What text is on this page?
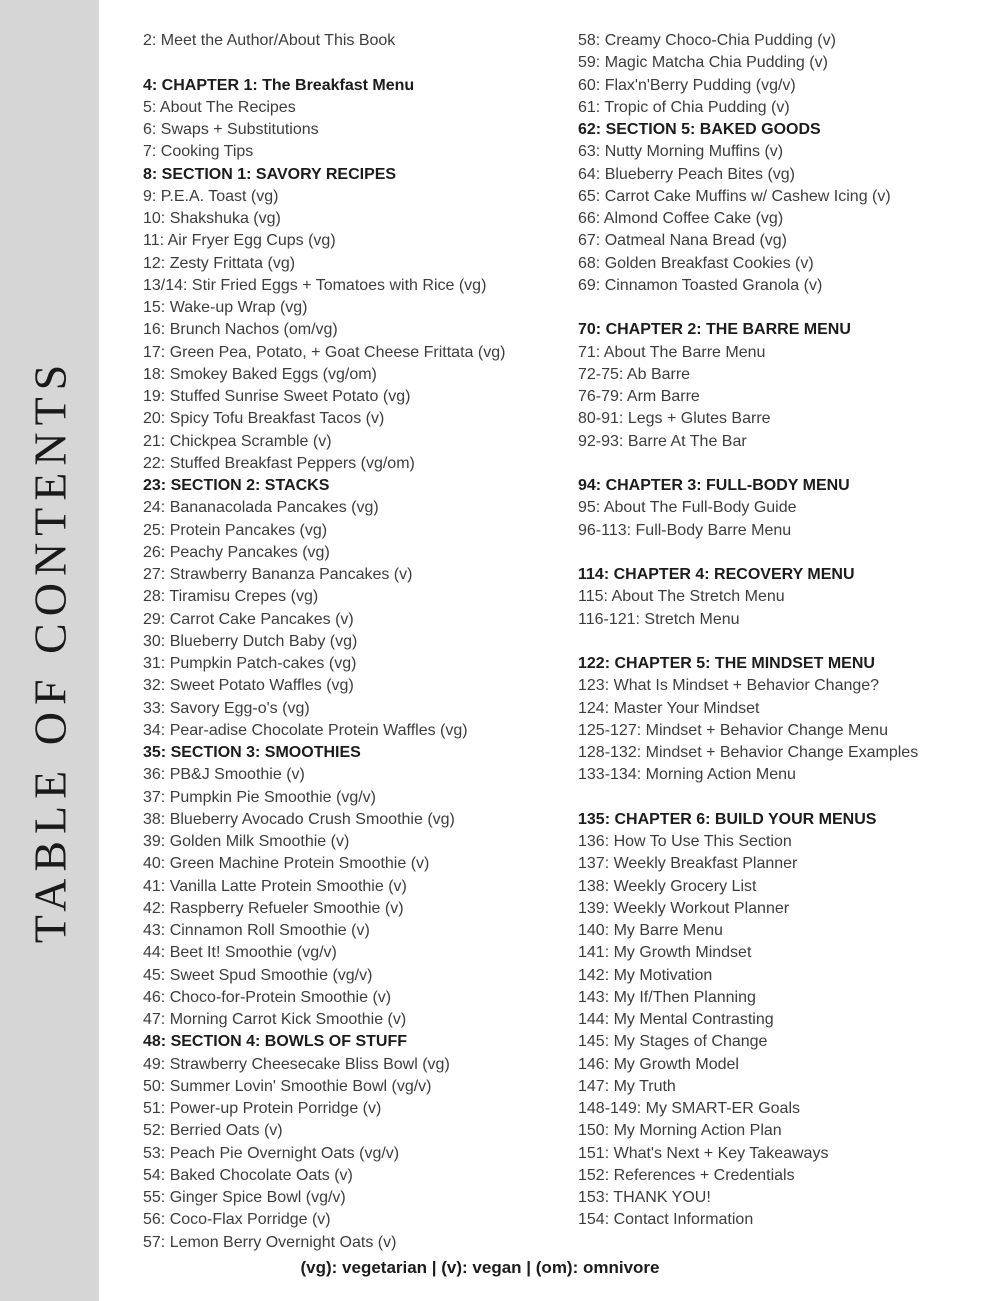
TABLE OF CONTENTS
2: Meet the Author/About This Book
4: CHAPTER 1: The Breakfast Menu
5: About The Recipes
6: Swaps + Substitutions
7: Cooking Tips
8: SECTION 1: SAVORY RECIPES
9: P.E.A. Toast (vg)
10: Shakshuka (vg)
11: Air Fryer Egg Cups (vg)
12: Zesty Frittata (vg)
13/14: Stir Fried Eggs + Tomatoes with Rice (vg)
15: Wake-up Wrap (vg)
16: Brunch Nachos (om/vg)
17: Green Pea, Potato, + Goat Cheese Frittata (vg)
18: Smokey Baked Eggs (vg/om)
19: Stuffed Sunrise Sweet Potato (vg)
20: Spicy Tofu Breakfast Tacos (v)
21: Chickpea Scramble (v)
22: Stuffed Breakfast Peppers (vg/om)
23: SECTION 2: STACKS
24: Bananacolada Pancakes (vg)
25: Protein Pancakes (vg)
26: Peachy Pancakes (vg)
27: Strawberry Bananza Pancakes (v)
28: Tiramisu Crepes (vg)
29: Carrot Cake Pancakes (v)
30: Blueberry Dutch Baby (vg)
31: Pumpkin Patch-cakes (vg)
32: Sweet Potato Waffles (vg)
33: Savory Egg-o's (vg)
34: Pear-adise Chocolate Protein Waffles (vg)
35: SECTION 3: SMOOTHIES
36: PB&J Smoothie (v)
37: Pumpkin Pie Smoothie (vg/v)
38: Blueberry Avocado Crush Smoothie (vg)
39: Golden Milk Smoothie (v)
40: Green Machine Protein Smoothie (v)
41: Vanilla Latte Protein Smoothie (v)
42: Raspberry Refueler Smoothie (v)
43: Cinnamon Roll Smoothie (v)
44: Beet It! Smoothie (vg/v)
45: Sweet Spud Smoothie (vg/v)
46: Choco-for-Protein Smoothie (v)
47: Morning Carrot Kick Smoothie (v)
48: SECTION 4: BOWLS OF STUFF
49: Strawberry Cheesecake Bliss Bowl (vg)
50: Summer Lovin' Smoothie Bowl (vg/v)
51: Power-up Protein Porridge (v)
52: Berried Oats (v)
53: Peach Pie Overnight Oats (vg/v)
54: Baked Chocolate Oats (v)
55: Ginger Spice Bowl (vg/v)
56: Coco-Flax Porridge (v)
57: Lemon Berry Overnight Oats (v)
58: Creamy Choco-Chia Pudding (v)
59: Magic Matcha Chia Pudding (v)
60: Flax'n'Berry Pudding (vg/v)
61: Tropic of Chia Pudding (v)
62: SECTION 5: BAKED GOODS
63: Nutty Morning Muffins (v)
64: Blueberry Peach Bites (vg)
65: Carrot Cake Muffins w/ Cashew Icing (v)
66: Almond Coffee Cake (vg)
67: Oatmeal Nana Bread (vg)
68: Golden Breakfast Cookies (v)
69: Cinnamon Toasted Granola (v)
70: CHAPTER 2: THE BARRE MENU
71: About The Barre Menu
72-75: Ab Barre
76-79: Arm Barre
80-91: Legs + Glutes Barre
92-93: Barre At The Bar
94: CHAPTER 3: FULL-BODY MENU
95: About The Full-Body Guide
96-113: Full-Body Barre Menu
114: CHAPTER 4: RECOVERY MENU
115: About The Stretch Menu
116-121: Stretch Menu
122: CHAPTER 5: THE MINDSET MENU
123: What Is Mindset + Behavior Change?
124: Master Your Mindset
125-127: Mindset + Behavior Change Menu
128-132: Mindset + Behavior Change Examples
133-134: Morning Action Menu
135: CHAPTER 6: BUILD YOUR MENUS
136: How To Use This Section
137: Weekly Breakfast Planner
138: Weekly Grocery List
139: Weekly Workout Planner
140: My Barre Menu
141: My Growth Mindset
142: My Motivation
143: My If/Then Planning
144: My Mental Contrasting
145: My Stages of Change
146: My Growth Model
147: My Truth
148-149: My SMART-ER Goals
150: My Morning Action Plan
151: What's Next + Key Takeaways
152: References + Credentials
153: THANK YOU!
154: Contact Information
(vg): vegetarian | (v): vegan | (om): omnivore
